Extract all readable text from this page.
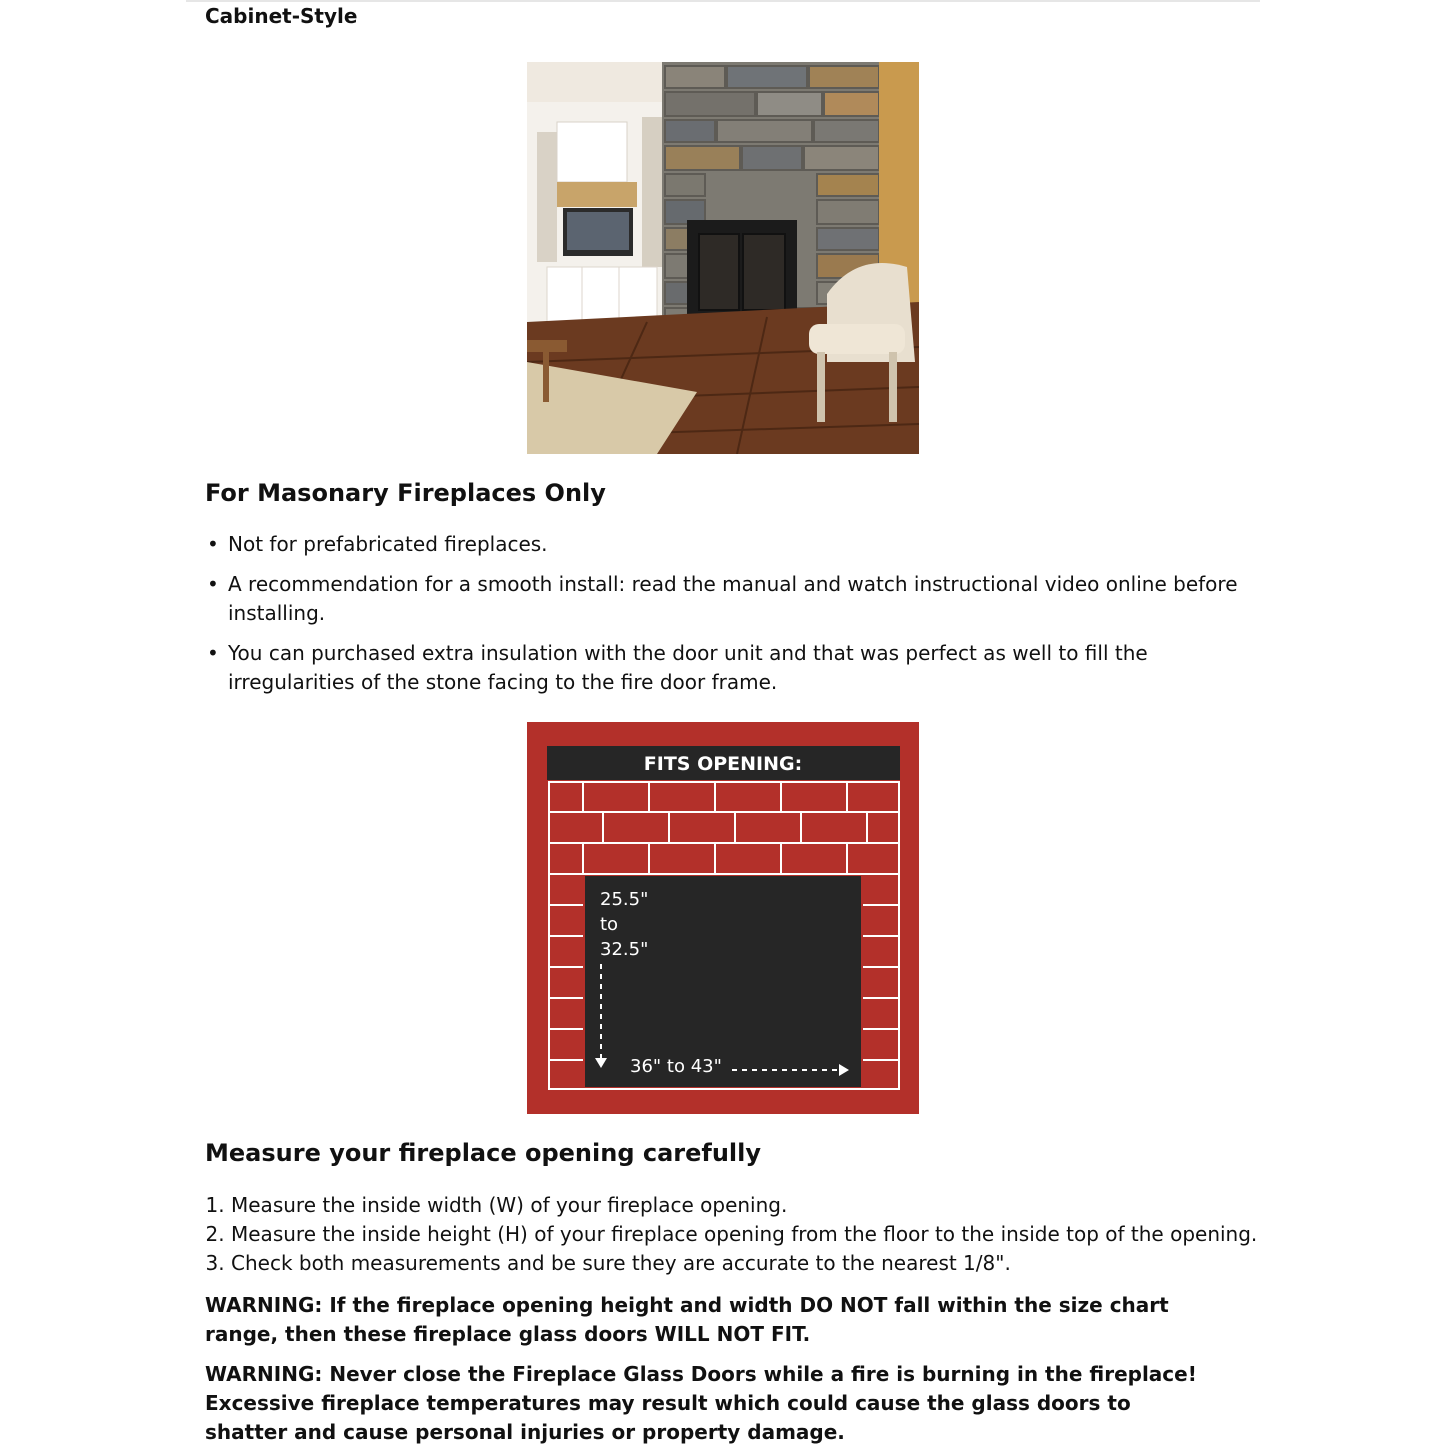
Cabinet-Style
For Masonary Fireplaces Only
• Not for prefabricated fireplaces.
• A recommendation for a smooth install: read the manual and watch instructional video online before installing.
• You can purchased extra insulation with the door unit and that was perfect as well to fill the irregularities of the stone facing to the fire door frame.
FITS OPENING:
25.5"
to
32.5"
36" to 43"
Measure your fireplace opening carefully
1. Measure the inside width (W) of your fireplace opening.
2. Measure the inside height (H) of your fireplace opening from the floor to the inside top of the opening.
3. Check both measurements and be sure they are accurate to the nearest 1/8".

WARNING: If the fireplace opening height and width DO NOT fall within the size chart range, then these fireplace glass doors WILL NOT FIT.

WARNING: Never close the Fireplace Glass Doors while a fire is burning in the fireplace! Excessive fireplace temperatures may result which could cause the glass doors to shatter and cause personal injuries or property damage.
